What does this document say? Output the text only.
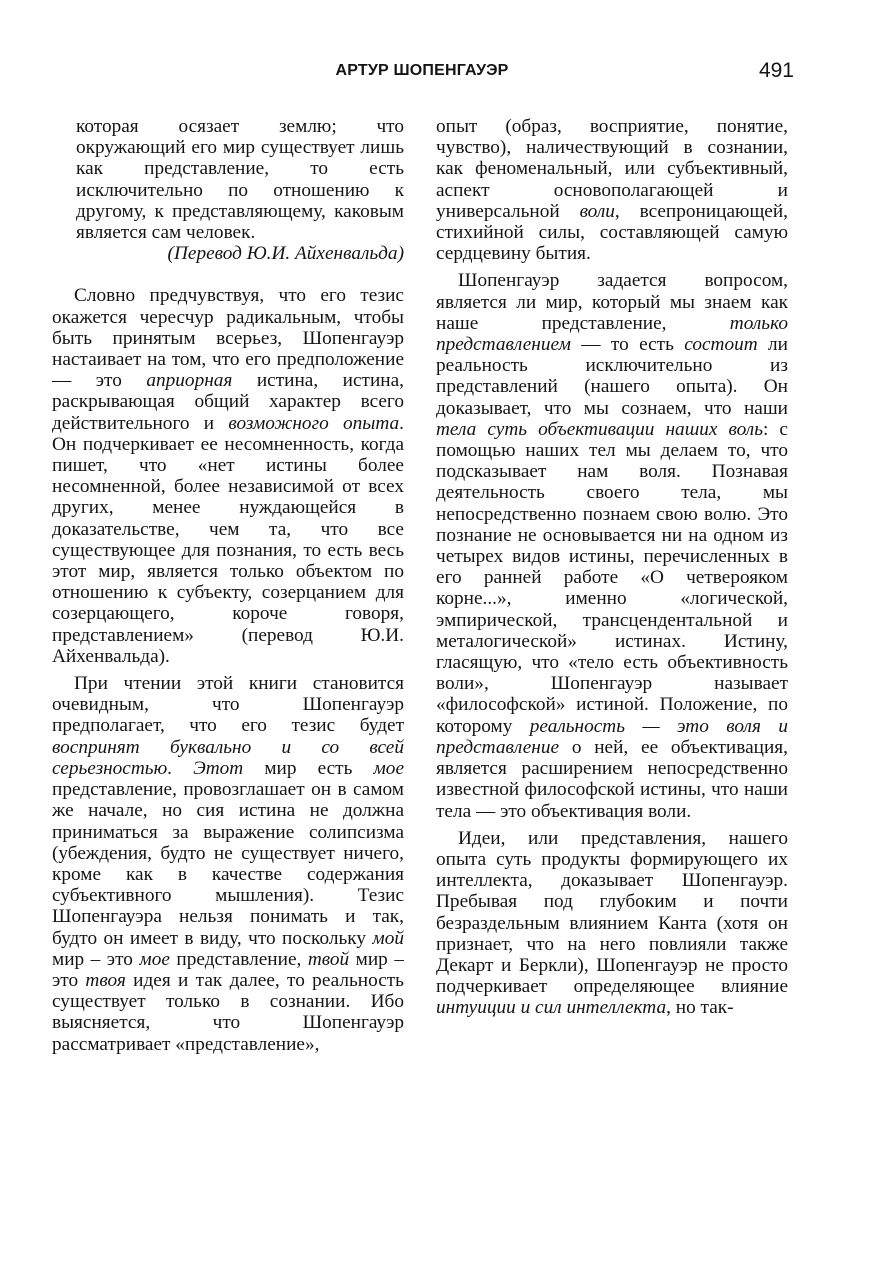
АРТУР ШОПЕНГАУЭР	491

которая осязает землю; что окружающий его мир существует лишь как представление, то есть исключительно по отношению к другому, к представляющему, каковым является сам человек.

(Перевод Ю.И. Айхенвальда)

Словно предчувствуя, что его тезис окажется чересчур радикальным, чтобы быть принятым всерьез, Шопенгауэр настаивает на том, что его предположение — это априорная истина, истина, раскрывающая общий характер всего действительного и возможного опыта. Он подчеркивает ее несомненность, когда пишет, что «нет истины более несомненной, более независимой от всех других, менее нуждающейся в доказательстве, чем та, что все существующее для познания, то есть весь этот мир, является только объектом по отношению к субъекту, созерцанием для созерцающего, короче говоря, представлением» (перевод Ю.И. Айхенвальда).

При чтении этой книги становится очевидным, что Шопенгауэр предполагает, что его тезис будет воспринят буквально и со всей серьезностью. Этот мир есть мое представление, провозглашает он в самом же начале, но сия истина не должна приниматься за выражение солипсизма (убеждения, будто не существует ничего, кроме как в качестве содержания субъективного мышления). Тезис Шопенгауэра нельзя понимать и так, будто он имеет в виду, что поскольку мой мир – это мое представление, твой мир – это твоя идея и так далее, то реальность существует только в сознании. Ибо выясняется, что Шопенгауэр рассматривает «представление»,

опыт (образ, восприятие, понятие, чувство), наличествующий в сознании, как феноменальный, или субъективный, аспект основополагающей и универсальной воли, всепроницающей, стихийной силы, составляющей самую сердцевину бытия.

Шопенгауэр задается вопросом, является ли мир, который мы знаем как наше представление, только представлением — то есть состоит ли реальность исключительно из представлений (нашего опыта). Он доказывает, что мы сознаем, что наши тела суть объективации наших воль: с помощью наших тел мы делаем то, что подсказывает нам воля. Познавая деятельность своего тела, мы непосредственно познаем свою волю. Это познание не основывается ни на одном из четырех видов истины, перечисленных в его ранней работе «О четверояком корне...», именно «логической, эмпирической, трансцендентальной и металогической» истинах. Истину, гласящую, что «тело есть объективность воли», Шопенгауэр называет «философской» истиной. Положение, по которому реальность — это воля и представление о ней, ее объективация, является расширением непосредственно известной философской истины, что наши тела — это объективация воли.

Идеи, или представления, нашего опыта суть продукты формирующего их интеллекта, доказывает Шопенгауэр. Пребывая под глубоким и почти безраздельным влиянием Канта (хотя он признает, что на него повлияли также Декарт и Беркли), Шопенгауэр не просто подчеркивает определяющее влияние интуиции и сил интеллекта, но так-
